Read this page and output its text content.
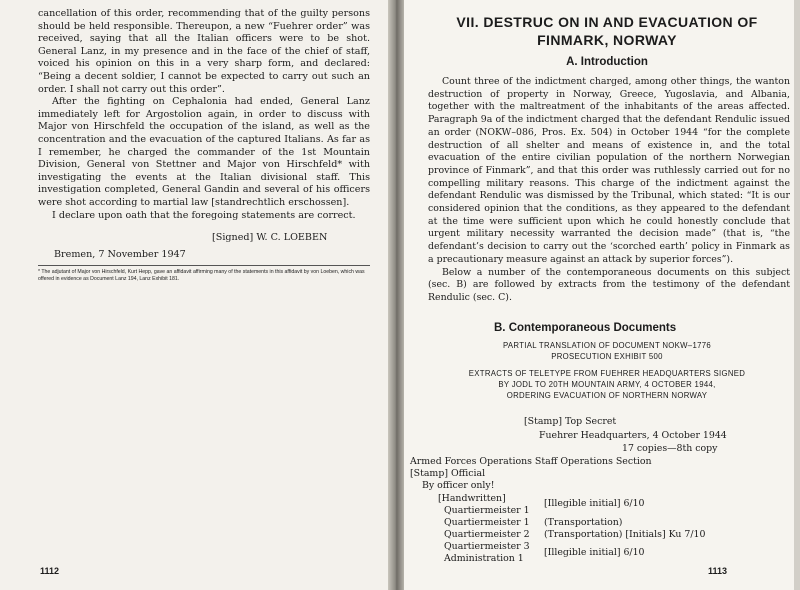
cancellation of this order, recommending that of the guilty persons should be held responsible. Thereupon, a new “Fuehrer order” was received, saying that all the Italian officers were to be shot. General Lanz, in my presence and in the face of the chief of staff, voiced his opinion on this in a very sharp form, and declared: “Being a decent soldier, I cannot be expected to carry out such an order. I shall not carry out this order”.

After the fighting on Cephalonia had ended, General Lanz immediately left for Argostolion again, in order to discuss with Major von Hirschfeld the occupation of the island, as well as the concentration and the evacuation of the captured Italians. As far as I remember, he charged the commander of the 1st Mountain Division, General von Stettner and Major von Hirschfeld* with investigating the events at the Italian divisional staff. This investigation completed, General Gandin and several of his officers were shot according to martial law [standrechtlich erschossen].

I declare upon oath that the foregoing statements are correct.

[Signed] W. C. LOEBEN
Bremen, 7 November 1947
* The adjutant of Major von Hirschfeld, Kurt Hepp, gave an affidavit affirming many of the statements in this affidavit by von Loeben, which was offered in evidence as Document Lanz 194, Lanz Exhibit 181.
1112
VII. DESTRUC ON IN AND EVACUATION OF
FINMARK, NORWAY
A. Introduction

Count three of the indictment charged, among other things, the wanton destruction of property in Norway, Greece, Yugoslavia, and Albania, together with the maltreatment of the inhabitants of the areas affected. Paragraph 9a of the indictment charged that the defendant Rendulic issued an order (NOKW–086, Pros. Ex. 504) in October 1944 “for the complete destruction of all shelter and means of existence in, and the total evacuation of the entire civilian population of the northern Norwegian province of Finmark”, and that this order was ruthlessly carried out for no compelling military reasons. This charge of the indictment against the defendant Rendulic was dismissed by the Tribunal, which stated: “It is our considered opinion that the conditions, as they appeared to the defendant at the time were sufficient upon which he could honestly conclude that urgent military necessity warranted the decision made” (that is, “the defendant’s decision to carry out the ‘scorched earth’ policy in Finmark as a precautionary measure against an attack by superior forces”).

Below a number of the contemporaneous documents on this subject (sec. B) are followed by extracts from the testimony of the defendant Rendulic (sec. C).

B. Contemporaneous Documents
PARTIAL TRANSLATION OF DOCUMENT NOKW–1776
PROSECUTION EXHIBIT 500
EXTRACTS OF TELETYPE FROM FUEHRER HEADQUARTERS SIGNED
BY JODL TO 20TH MOUNTAIN ARMY, 4 OCTOBER 1944,
ORDERING EVACUATION OF NORTHERN NORWAY
[Stamp] Top Secret
Fuehrer Headquarters, 4 October 1944
17 copies—8th copy
Armed Forces Operations Staff Operations Section
[Stamp] Official
By officer only!
[Handwritten]
Quartiermeister 1
Quartiermeister 1
Quartiermeister 2
Quartiermeister 3
Administration 1
[Illegible initial] 6/10
(Transportation)
(Transportation) [Initials] Ku 7/10
[Illegible initial] 6/10
1113
